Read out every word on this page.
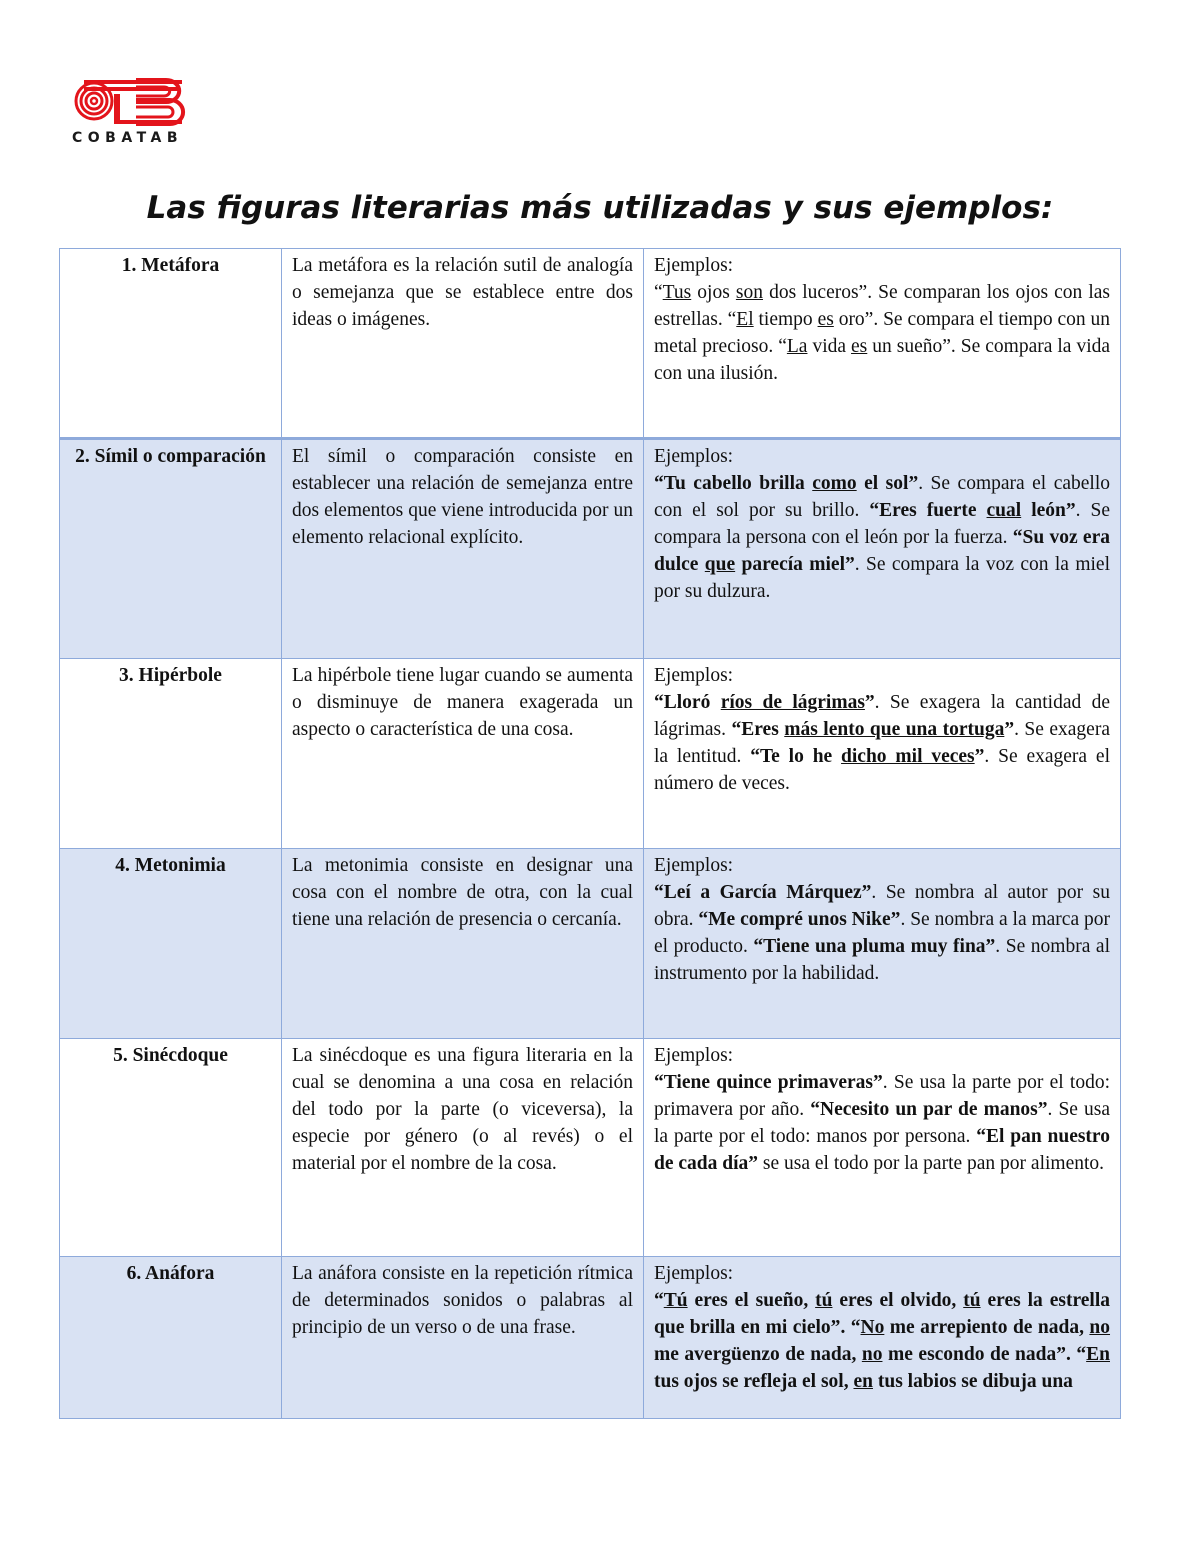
COBATAB
Las figuras literarias más utilizadas y sus ejemplos:
1. Metáfora	La metáfora es la relación sutil de analogía o semejanza que se establece entre dos ideas o imágenes.	Ejemplos:
“Tus ojos son dos luceros”. Se comparan los ojos con las estrellas. “El tiempo es oro”. Se compara el tiempo con un metal precioso. “La vida es un sueño”. Se compara la vida con una ilusión.

2. Símil o comparación	El símil o comparación consiste en establecer una relación de semejanza entre dos elementos que viene introducida por un elemento relacional explícito.	Ejemplos:
“Tu cabello brilla como el sol”. Se compara el cabello con el sol por su brillo. “Eres fuerte cual león”. Se compara la persona con el león por la fuerza. “Su voz era dulce que parecía miel”. Se compara la voz con la miel por su dulzura.

3. Hipérbole	La hipérbole tiene lugar cuando se aumenta o disminuye de manera exagerada un aspecto o característica de una cosa.	Ejemplos:
“Lloró ríos de lágrimas”. Se exagera la cantidad de lágrimas. “Eres más lento que una tortuga”. Se exagera la lentitud. “Te lo he dicho mil veces”. Se exagera el número de veces.

4. Metonimia	La metonimia consiste en designar una cosa con el nombre de otra, con la cual tiene una relación de presencia o cercanía.	Ejemplos:
“Leí a García Márquez”. Se nombra al autor por su obra. “Me compré unos Nike”. Se nombra a la marca por el producto. “Tiene una pluma muy fina”. Se nombra al instrumento por la habilidad.

5. Sinécdoque	La sinécdoque es una figura literaria en la cual se denomina a una cosa en relación del todo por la parte (o viceversa), la especie por género (o al revés) o el material por el nombre de la cosa.	Ejemplos:
“Tiene quince primaveras”. Se usa la parte por el todo: primavera por año. “Necesito un par de manos”. Se usa la parte por el todo: manos por persona. “El pan nuestro de cada día” se usa el todo por la parte pan por alimento.

6. Anáfora	La anáfora consiste en la repetición rítmica de determinados sonidos o palabras al principio de un verso o de una frase.	Ejemplos:
“Tú eres el sueño, tú eres el olvido, tú eres la estrella que brilla en mi cielo”. “No me arrepiento de nada, no me avergüenzo de nada, no me escondo de nada”. “En tus ojos se refleja el sol, en tus labios se dibuja una
